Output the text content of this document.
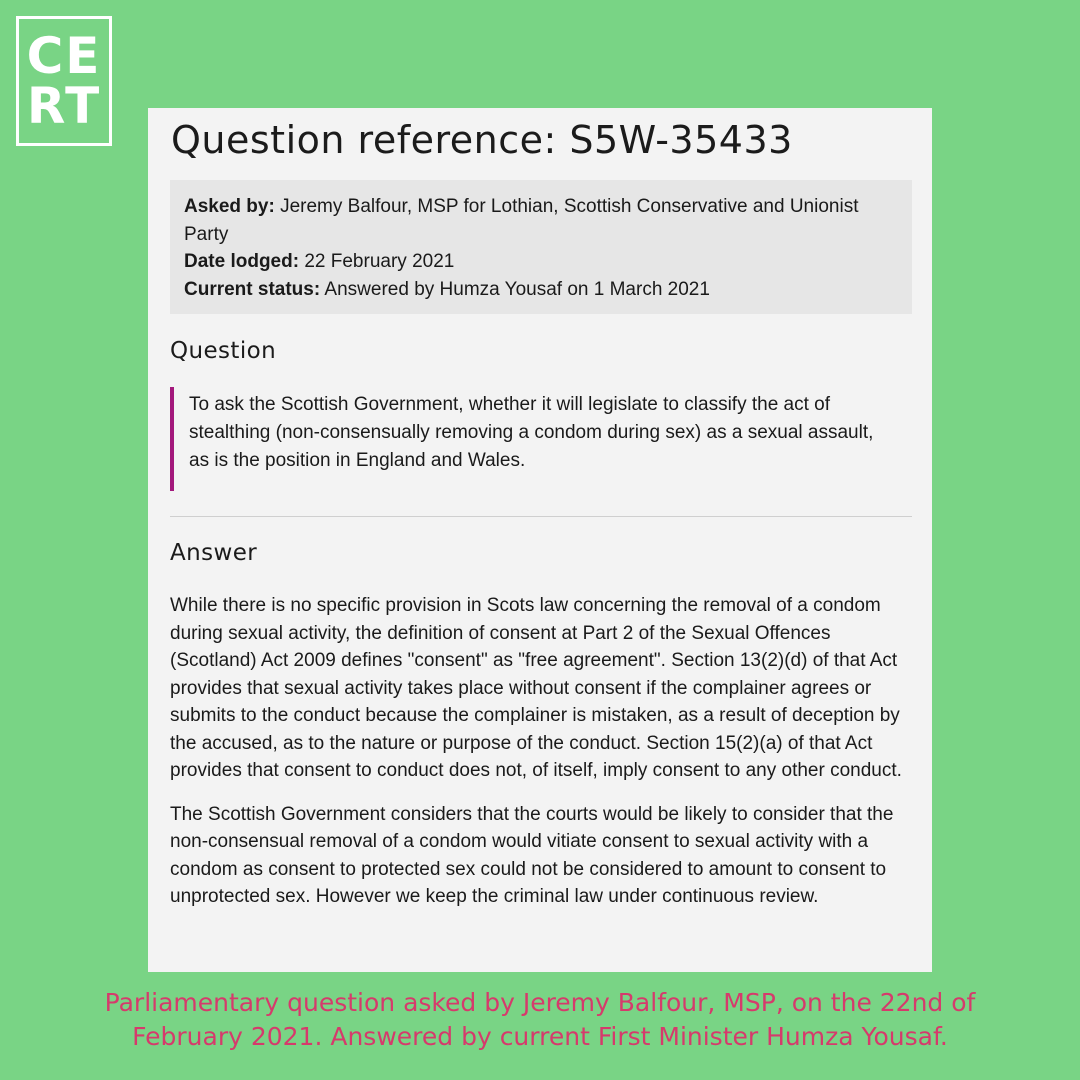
CE
RT
Question reference: S5W-35433
Asked by: Jeremy Balfour, MSP for Lothian, Scottish Conservative and Unionist Party
Date lodged: 22 February 2021
Current status: Answered by Humza Yousaf on 1 March 2021
Question
To ask the Scottish Government, whether it will legislate to classify the act of stealthing (non-consensually removing a condom during sex) as a sexual assault, as is the position in England and Wales.
Answer

While there is no specific provision in Scots law concerning the removal of a condom during sexual activity, the definition of consent at Part 2 of the Sexual Offences (Scotland) Act 2009 defines "consent" as "free agreement". Section 13(2)(d) of that Act provides that sexual activity takes place without consent if the complainer agrees or submits to the conduct because the complainer is mistaken, as a result of deception by the accused, as to the nature or purpose of the conduct. Section 15(2)(a) of that Act provides that consent to conduct does not, of itself, imply consent to any other conduct.

The Scottish Government considers that the courts would be likely to consider that the non-consensual removal of a condom would vitiate consent to sexual activity with a condom as consent to protected sex could not be considered to amount to consent to unprotected sex. However we keep the criminal law under continuous review.

Parliamentary question asked by Jeremy Balfour, MSP, on the 22nd of
February 2021. Answered by current First Minister Humza Yousaf.
